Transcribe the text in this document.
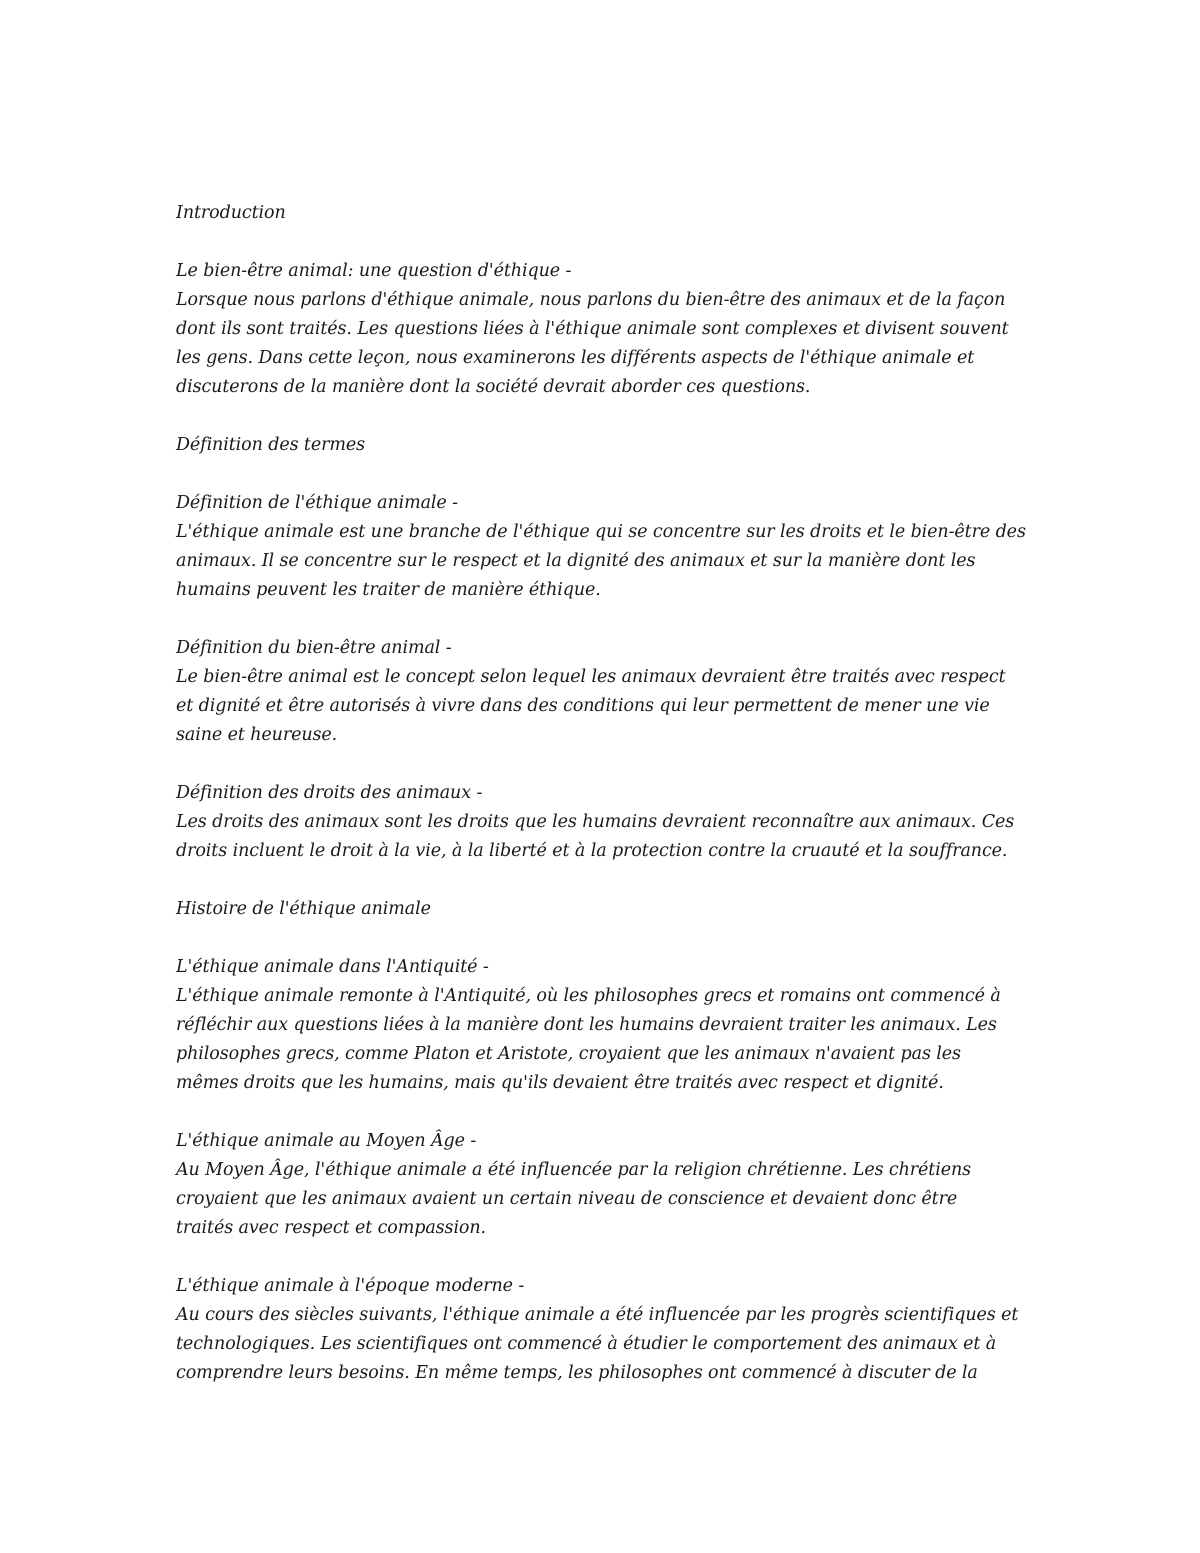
Introduction
Le bien-être animal: une question d'éthique -
Lorsque nous parlons d'éthique animale, nous parlons du bien-être des animaux et de la façon
dont ils sont traités. Les questions liées à l'éthique animale sont complexes et divisent souvent
les gens. Dans cette leçon, nous examinerons les différents aspects de l'éthique animale et
discuterons de la manière dont la société devrait aborder ces questions.
Définition des termes
Définition de l'éthique animale -
L'éthique animale est une branche de l'éthique qui se concentre sur les droits et le bien-être des
animaux. Il se concentre sur le respect et la dignité des animaux et sur la manière dont les
humains peuvent les traiter de manière éthique.
Définition du bien-être animal -
Le bien-être animal est le concept selon lequel les animaux devraient être traités avec respect
et dignité et être autorisés à vivre dans des conditions qui leur permettent de mener une vie
saine et heureuse.
Définition des droits des animaux -
Les droits des animaux sont les droits que les humains devraient reconnaître aux animaux. Ces
droits incluent le droit à la vie, à la liberté et à la protection contre la cruauté et la souffrance.
Histoire de l'éthique animale
L'éthique animale dans l'Antiquité -
L'éthique animale remonte à l'Antiquité, où les philosophes grecs et romains ont commencé à
réfléchir aux questions liées à la manière dont les humains devraient traiter les animaux. Les
philosophes grecs, comme Platon et Aristote, croyaient que les animaux n'avaient pas les
mêmes droits que les humains, mais qu'ils devaient être traités avec respect et dignité.
L'éthique animale au Moyen Âge -
Au Moyen Âge, l'éthique animale a été influencée par la religion chrétienne. Les chrétiens
croyaient que les animaux avaient un certain niveau de conscience et devaient donc être
traités avec respect et compassion.
L'éthique animale à l'époque moderne -
Au cours des siècles suivants, l'éthique animale a été influencée par les progrès scientifiques et
technologiques. Les scientifiques ont commencé à étudier le comportement des animaux et à
comprendre leurs besoins. En même temps, les philosophes ont commencé à discuter de la
